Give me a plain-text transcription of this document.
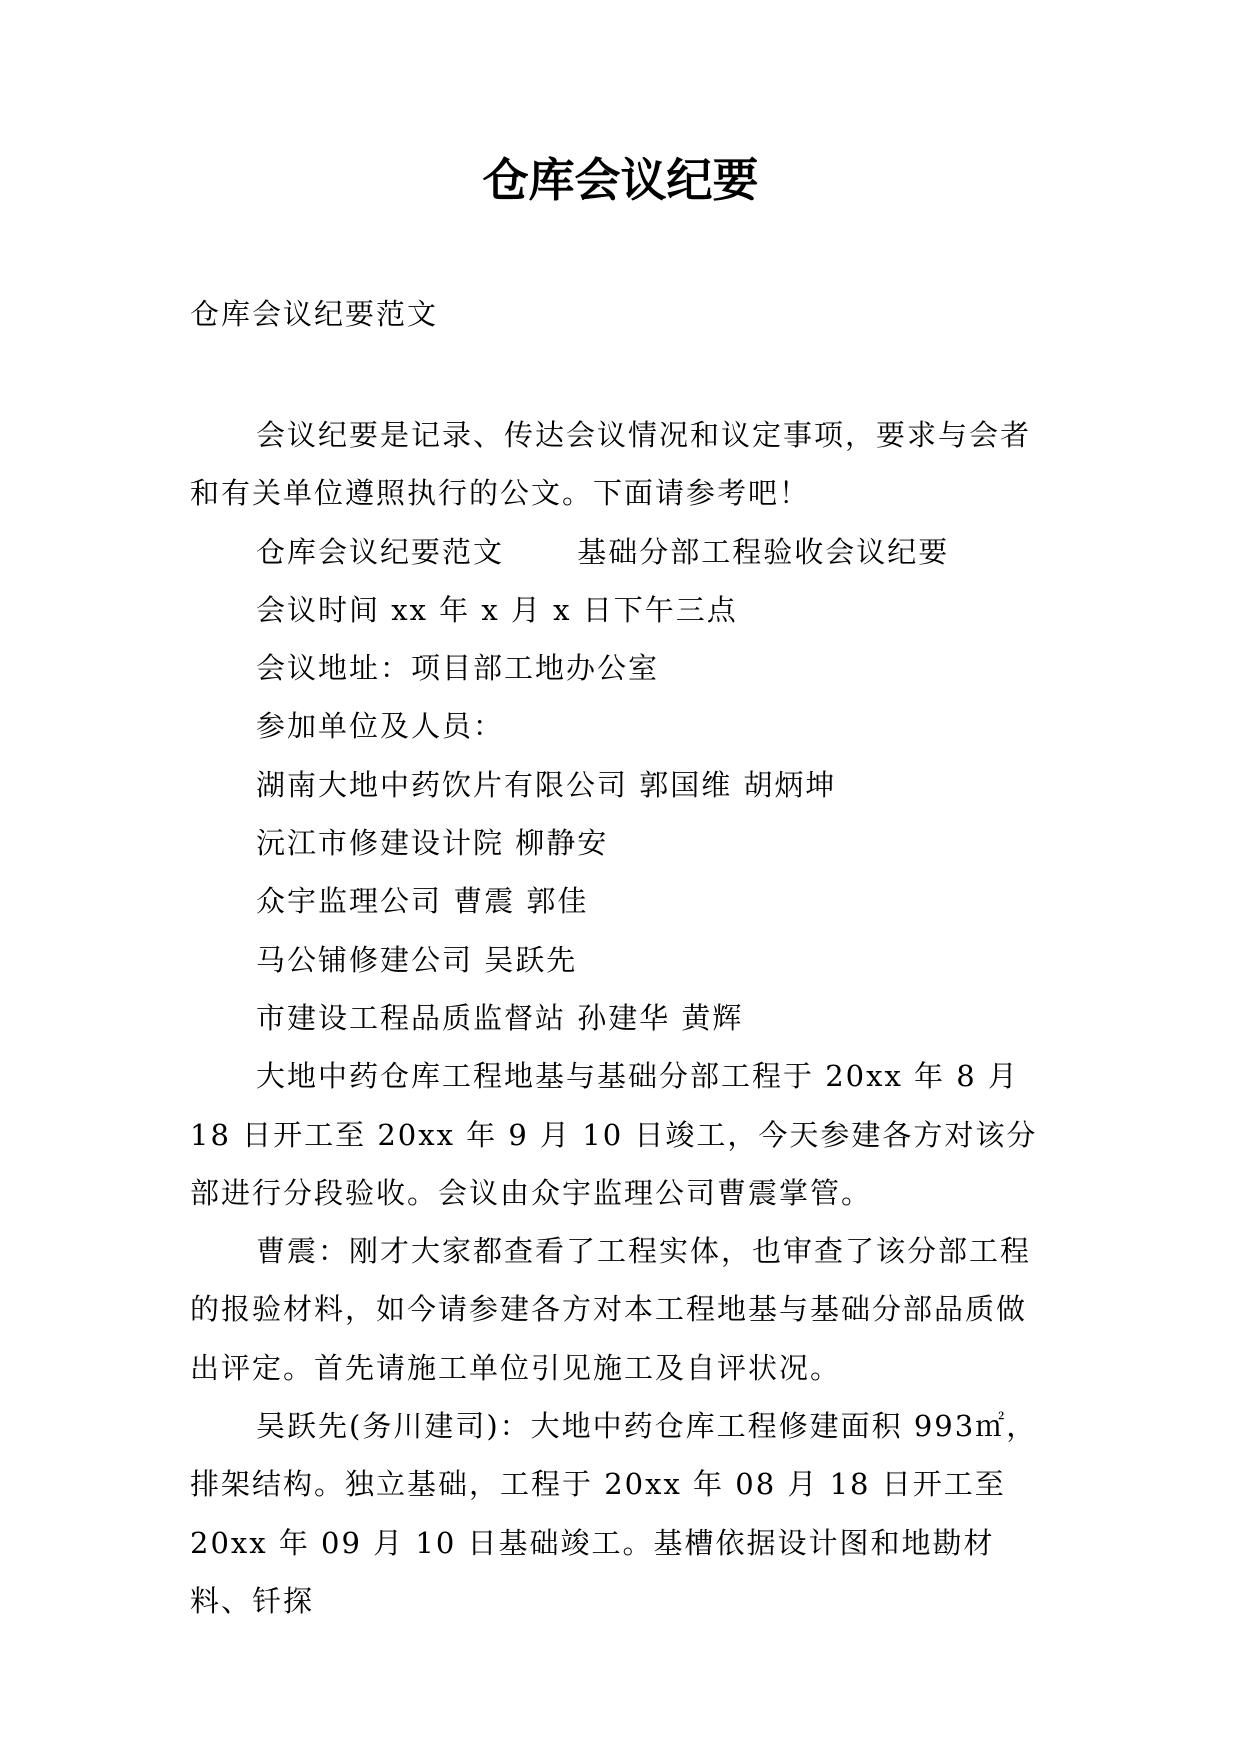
仓库会议纪要
仓库会议纪要范文

会议纪要是记录、传达会议情况和议定事项，要求与会者和有关单位遵照执行的公文。下面请参考吧！

仓库会议纪要范文　　 基础分部工程验收会议纪要

会议时间 xx 年 x 月 x 日下午三点

会议地址：项目部工地办公室

参加单位及人员：

湖南大地中药饮片有限公司 郭国维 胡炳坤

沅江市修建设计院 柳静安

众宇监理公司 曹震 郭佳

马公铺修建公司 吴跃先

市建设工程品质监督站 孙建华 黄辉

大地中药仓库工程地基与基础分部工程于 20xx 年 8 月 18 日开工至 20xx 年 9 月 10 日竣工，今天参建各方对该分部进行分段验收。会议由众宇监理公司曹震掌管。

曹震：刚才大家都查看了工程实体，也审查了该分部工程的报验材料，如今请参建各方对本工程地基与基础分部品质做出评定。首先请施工单位引见施工及自评状况。

吴跃先(务川建司)：大地中药仓库工程修建面积 993㎡，排架结构。独立基础，工程于 20xx 年 08 月 18 日开工至 20xx 年 09 月 10 日基础竣工。基槽依据设计图和地勘材料、钎探
